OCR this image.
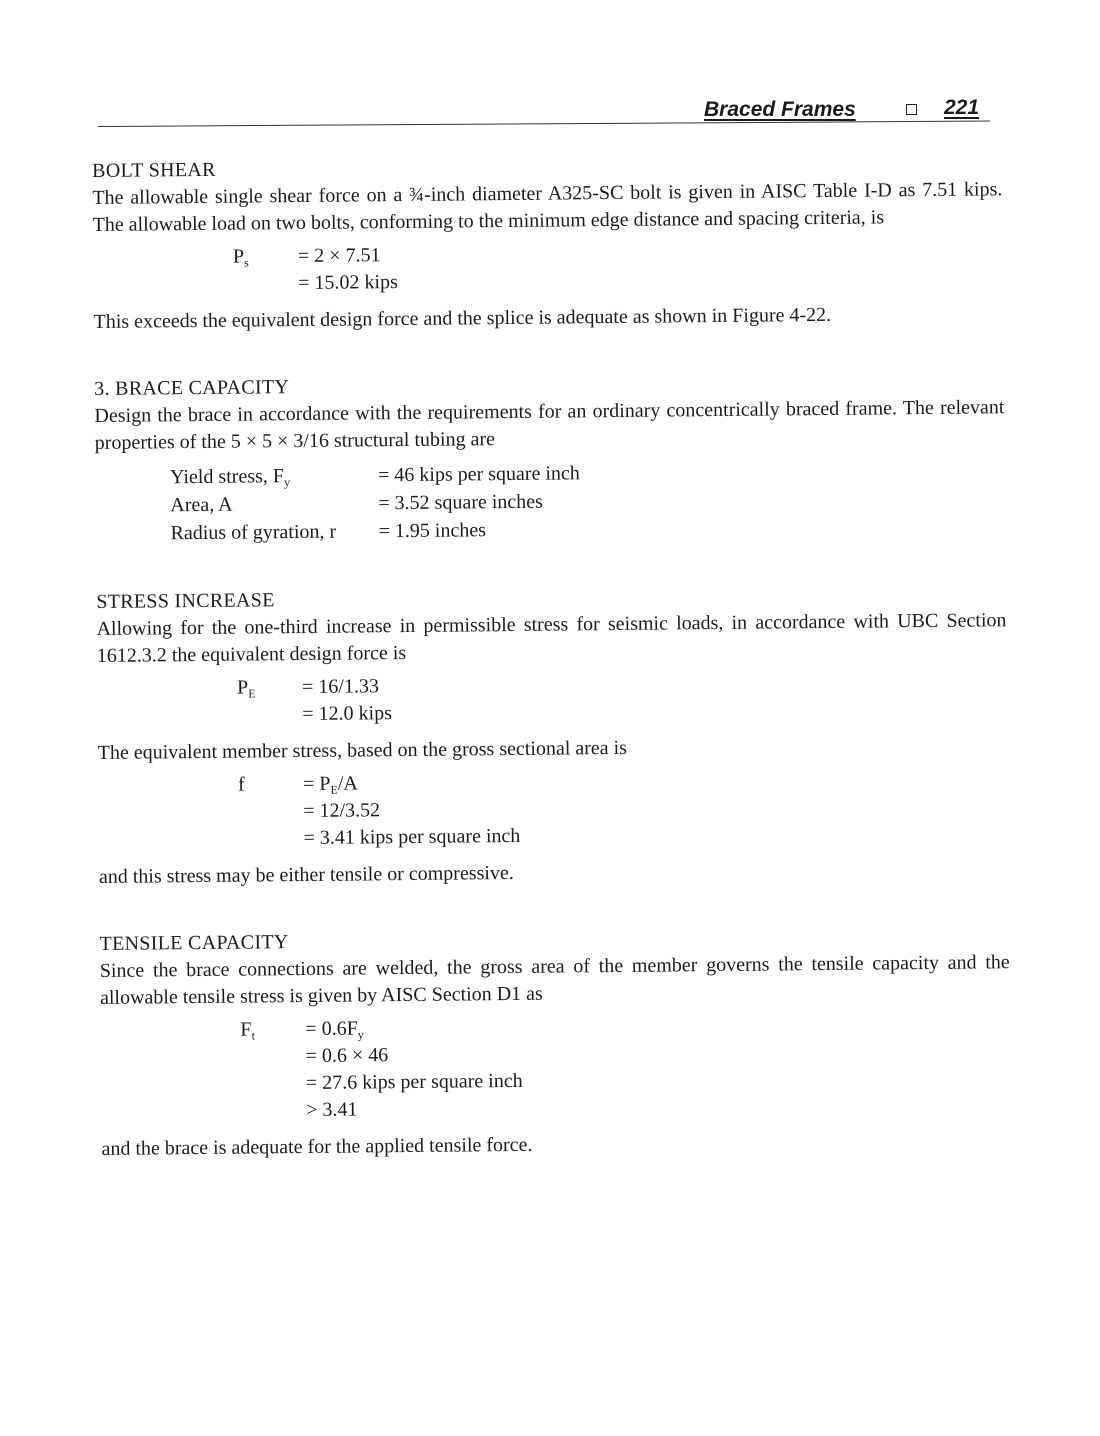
Braced Frames	221
BOLT SHEAR

The allowable single shear force on a ¾-inch diameter A325-SC bolt is given in AISC Table I-D as 7.51 kips. The allowable load on two bolts, conforming to the minimum edge distance and spacing criteria, is

$P_s = 2 \times 7.51$
= 15.02 kips

This exceeds the equivalent design force and the splice is adequate as shown in Figure 4-22.

3. BRACE CAPACITY

Design the brace in accordance with the requirements for an ordinary concentrically braced frame. The relevant properties of the 5 × 5 × 3/16 structural tubing are

Yield stress, $F_y$	= 46 kips per square inch
Area, A	= 3.52 square inches
Radius of gyration, r = 1.95 inches
STRESS INCREASE

Allowing for the one-third increase in permissible stress for seismic loads, in accordance with UBC Section 1612.3.2 the equivalent design force is

$P_E = 16/1.33$
= 12.0 kips

The equivalent member stress, based on the gross sectional area is

f	= $P_E/A$
= 12/3.52
= 3.41 kips per square inch

and this stress may be either tensile or compressive.

TENSILE CAPACITY

Since the brace connections are welded, the gross area of the member governs the tensile capacity and the allowable tensile stress is given by AISC Section D1 as

$F_t$	= $0.6F_y$
= 0.6 × 46
= 27.6 kips per square inch
> 3.41

and the brace is adequate for the applied tensile force.
